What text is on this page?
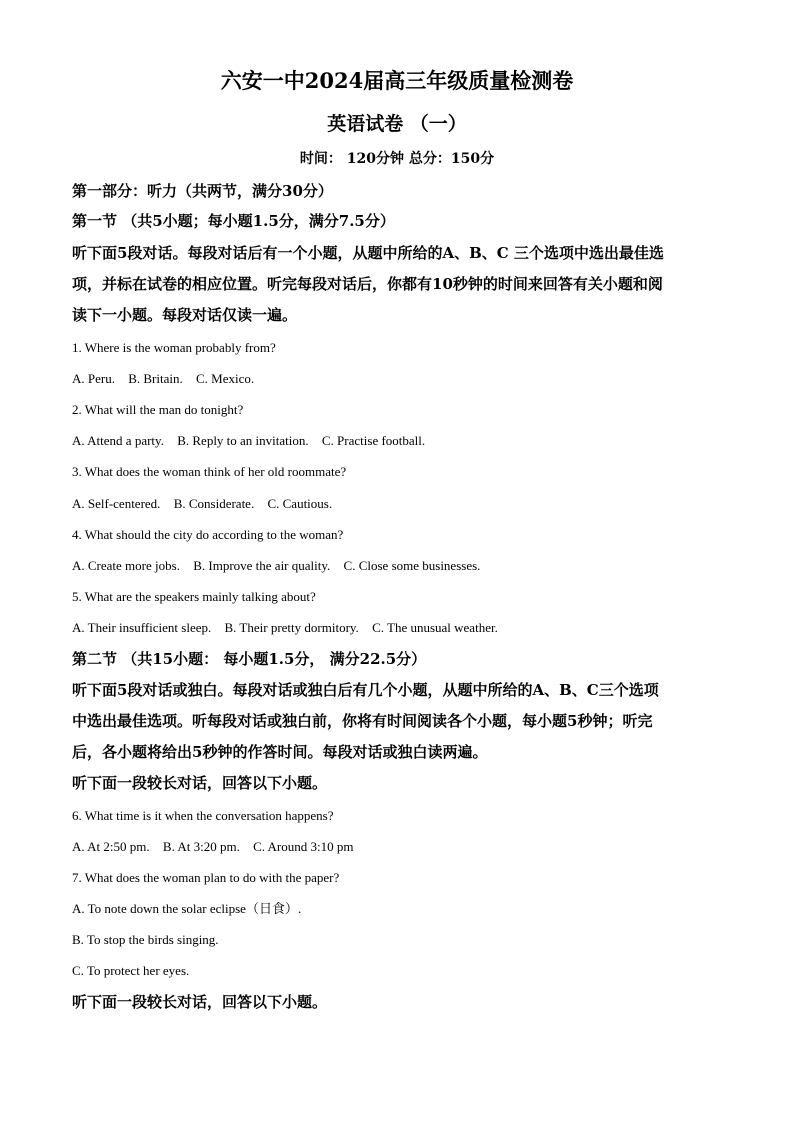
六安一中2024届高三年级质量检测卷
英语试卷 （一）
时间： 120分钟 总分：150分
第一部分：听力（共两节，满分30分）
第一节 （共5小题；每小题1.5分，满分7.5分）
听下面5段对话。每段对话后有一个小题，从题中所给的A、B、C 三个选项中选出最佳选
项，并标在试卷的相应位置。听完每段对话后，你都有10秒钟的时间来回答有关小题和阅
读下一小题。每段对话仅读一遍。
1. Where is the woman probably from?
A. Peru. B. Britain. C. Mexico.
2. What will the man do tonight?
A. Attend a party. B. Reply to an invitation. C. Practise football.
3. What does the woman think of her old roommate?
A. Self-centered. B. Considerate. C. Cautious.
4. What should the city do according to the woman?
A. Create more jobs. B. Improve the air quality. C. Close some businesses.
5. What are the speakers mainly talking about?
A. Their insufficient sleep. B. Their pretty dormitory. C. The unusual weather.
第二节 （共15小题： 每小题1.5分， 满分22.5分）
听下面5段对话或独白。每段对话或独白后有几个小题，从题中所给的A、B、C三个选项
中选出最佳选项。听每段对话或独白前，你将有时间阅读各个小题，每小题5秒钟；听完
后，各小题将给出5秒钟的作答时间。每段对话或独白读两遍。
听下面一段较长对话，回答以下小题。
6. What time is it when the conversation happens?
A. At 2:50 pm. B. At 3:20 pm. C. Around 3:10 pm
7. What does the woman plan to do with the paper?
A. To note down the solar eclipse（日食）.
B. To stop the birds singing.
C. To protect her eyes.
听下面一段较长对话，回答以下小题。
